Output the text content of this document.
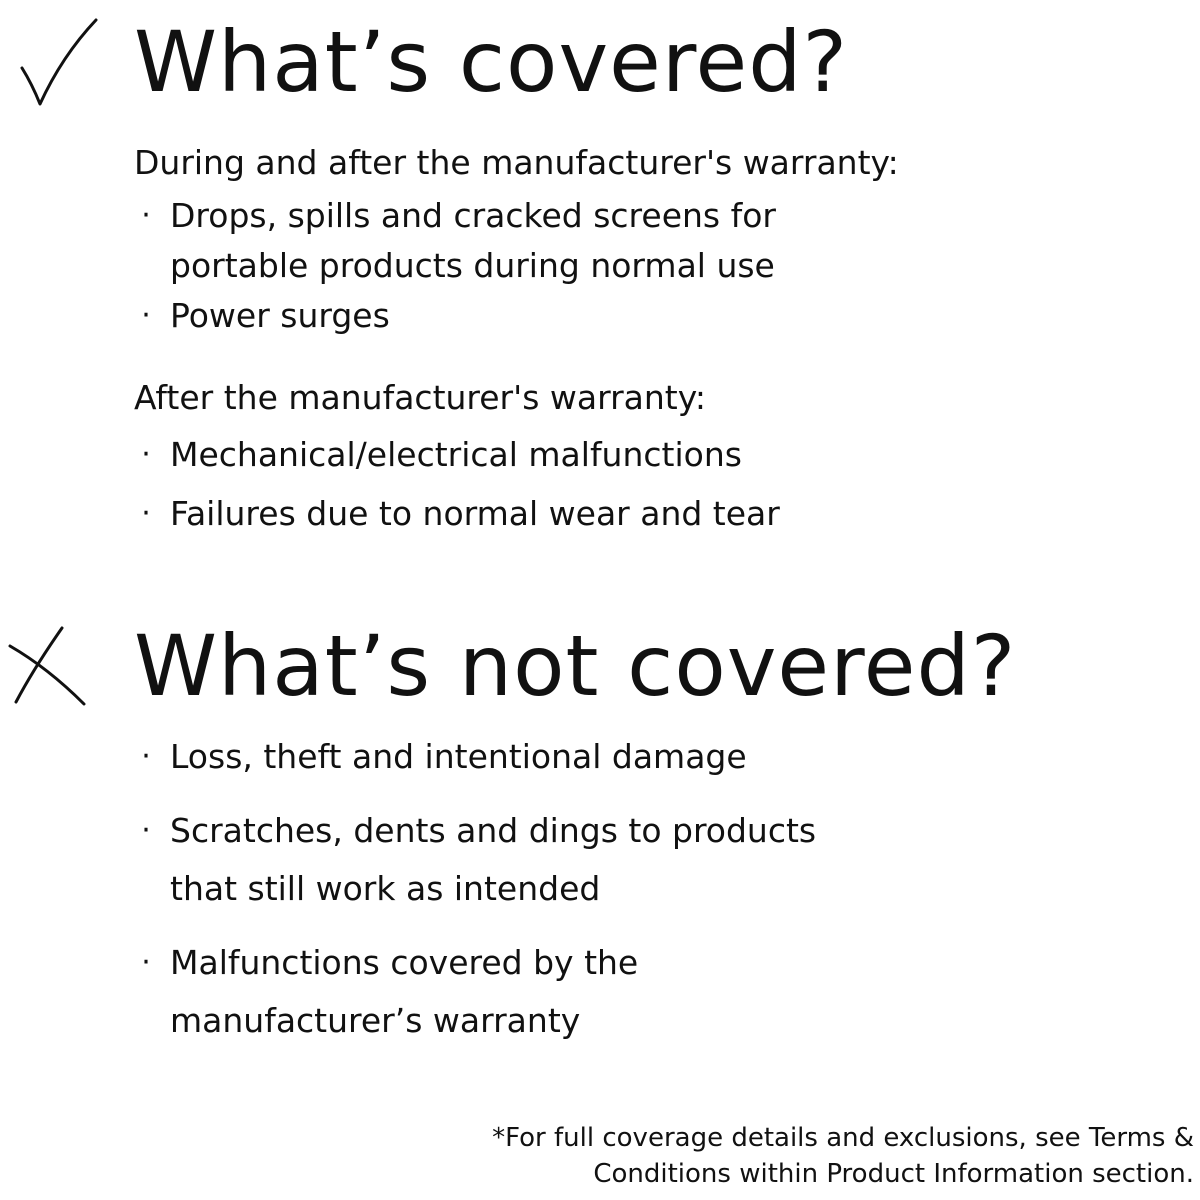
What’s covered?

During and after the manufacturer's warranty:

· Drops, spills and cracked screens for
portable products during normal use
· Power surges

After the manufacturer's warranty:

· Mechanical/electrical malfunctions
· Failures due to normal wear and tear
What’s not covered?
· Loss, theft and intentional damage
· Scratches, dents and dings to products
that still work as intended
· Malfunctions covered by the
manufacturer’s warranty

*For full coverage details and exclusions, see Terms &
Conditions within Product Information section.
